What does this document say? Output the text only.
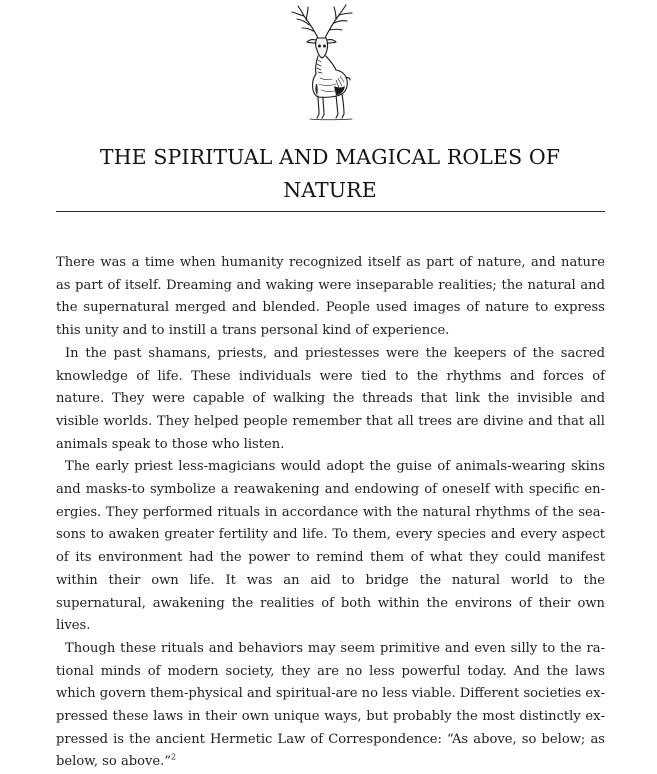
THE SPIRITUAL AND MAGICAL ROLES OF
NATURE

There was a time when humanity recognized itself as part of nature, and nature as part of itself. Dreaming and waking were inseparable realities; the natural and the supernatural merged and blended. People used images of nature to express this unity and to instill a trans personal kind of experience.

In the past shamans, priests, and priestesses were the keepers of the sacred knowledge of life. These individuals were tied to the rhythms and forces of nature. They were capable of walking the threads that link the invisible and visible worlds. They helped people remember that all trees are divine and that all animals speak to those who listen.

The early priest less-magicians would adopt the guise of animals-wearing skins and masks-to symbolize a reawakening and endowing of oneself with specific energies. They performed rituals in accordance with the natural rhythms of the seasons to awaken greater fertility and life. To them, every species and every aspect of its environment had the power to remind them of what they could manifest within their own life. It was an aid to bridge the natural world to the supernatural, awakening the realities of both within the environs of their own lives.

Though these rituals and behaviors may seem primitive and even silly to the rational minds of modern society, they are no less powerful today. And the laws which govern them-physical and spiritual-are no less viable. Different societies expressed these laws in their own unique ways, but probably the most distinctly expressed is the ancient Hermetic Law of Correspondence: “As above, so below; as below, so above.”$^2$
